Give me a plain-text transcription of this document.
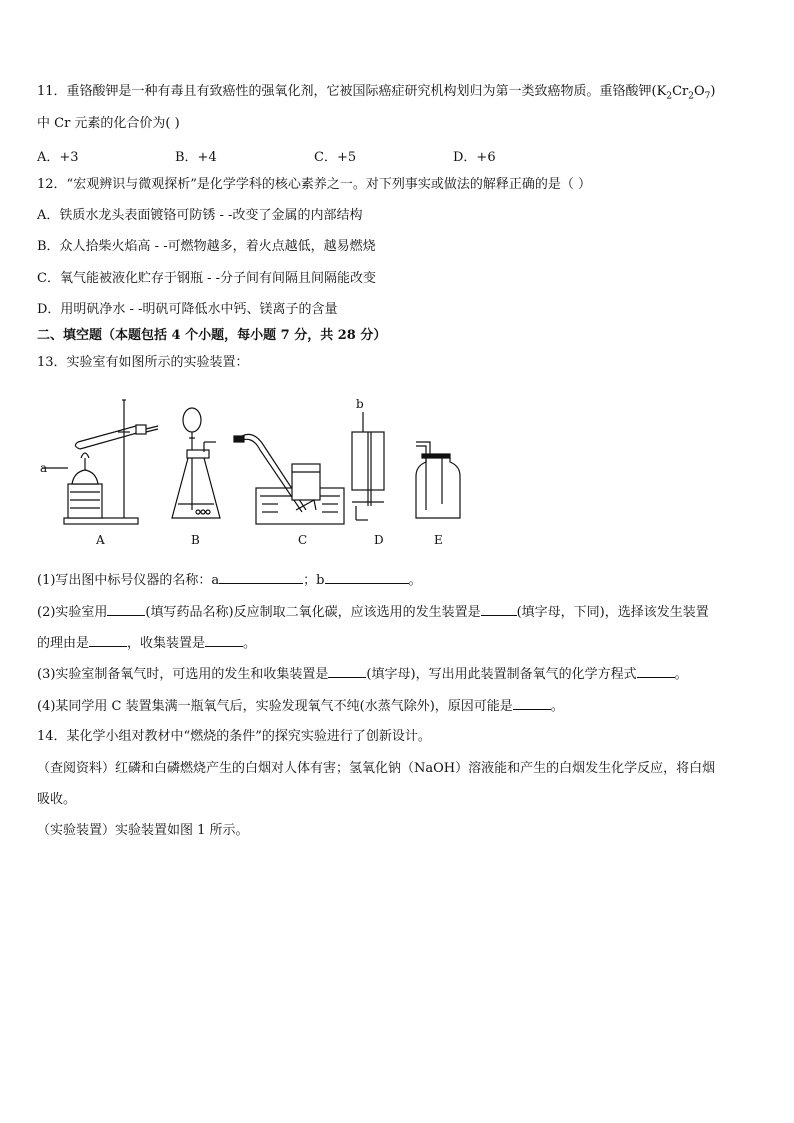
11．重铬酸钾是一种有毒且有致癌性的强氧化剂，它被国际癌症研究机构划归为第一类致癌物质。重铬酸钾$(K_2Cr_2O_7)$
中 Cr 元素的化合价为( )
A．+3	B．+4	C．+5	D．+6
12．“宏观辨识与微观探析”是化学学科的核心素养之一。对下列事实或做法的解释正确的是（ ）
A．铁质水龙头表面镀铬可防锈 - -改变了金属的内部结构
B．众人拾柴火焰高 - -可燃物越多，着火点越低，越易燃烧
C．氧气能被液化贮存于钢瓶 - -分子间有间隔且间隔能改变
D．用明矾净水 - -明矾可降低水中钙、镁离子的含量
二、填空题（本题包括 4 个小题，每小题 7 分，共 28 分）
13．实验室有如图所示的实验装置：
a
b
A	B	C	D	E
(1)写出图中标号仪器的名称：a	；b	。
(2)实验室用	(填写药品名称)反应制取二氧化碳，应该选用的发生装置是	(填字母，下同)，选择该发生装置
的理由是	，收集装置是	。
(3)实验室制备氧气时，可选用的发生和收集装置是	(填字母)，写出用此装置制备氧气的化学方程式	。
(4)某同学用 C 装置集满一瓶氧气后，实验发现氧气不纯(水蒸气除外)，原因可能是	。
14．某化学小组对教材中“燃烧的条件”的探究实验进行了创新设计。
（查阅资料）红磷和白磷燃烧产生的白烟对人体有害；氢氧化钠（NaOH）溶液能和产生的白烟发生化学反应，将白烟
吸收。
（实验装置）实验装置如图 1 所示。
